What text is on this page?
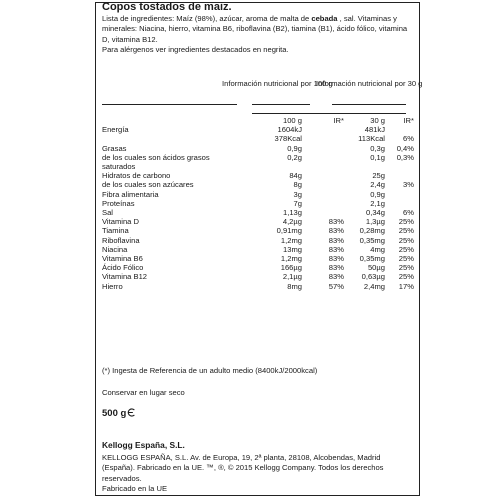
Copos tostados de maiz.
Lista de ingredientes: Maíz (98%), azúcar, aroma de malta de cebada , sal. Vitaminas y minerales: Niacina, hierro, vitamina B6, riboflavina (B2), tiamina (B1), ácido fólico, vitamina D, vitamina B12.
Para alérgenos ver ingredientes destacados en negrita.
Información nutricional por 100 g
Información nutricional por 30 g
	100 g	IR*	30 g	IR*
Energía	1604kJ		481kJ	
	378Kcal		113Kcal	6%
Grasas	0,9g		0,3g	0,4%
de los cuales son ácidos grasos	0,2g		0,1g	0,3%
saturados				
Hidratos de carbono	84g		25g	
de los cuales son azúcares	8g		2,4g	3%
Fibra alimentaria	3g		0,9g	
Proteínas	7g		2,1g	
Sal	1,13g		0,34g	6%
Vitamina D	4,2µg	83%	1,3µg	25%
Tiamina	0,91mg	83%	0,28mg	25%
Riboflavina	1,2mg	83%	0,35mg	25%
Niacina	13mg	83%	4mg	25%
Vitamina B6	1,2mg	83%	0,35mg	25%
Ácido Fólico	166µg	83%	50µg	25%
Vitamina B12	2,1µg	83%	0,63µg	25%
Hierro	8mg	57%	2,4mg	17%
(*) Ingesta de Referencia de un adulto medio (8400kJ/2000kcal)
Conservar en lugar seco
500 g
Kellogg España, S.L.
KELLOGG ESPAÑA, S.L. Av. de Europa, 19, 2ª planta, 28108, Alcobendas, Madrid (España). Fabricado en la UE. ™, ®, © 2015 Kellogg Company. Todos los derechos reservados.
Fabricado en la UE
